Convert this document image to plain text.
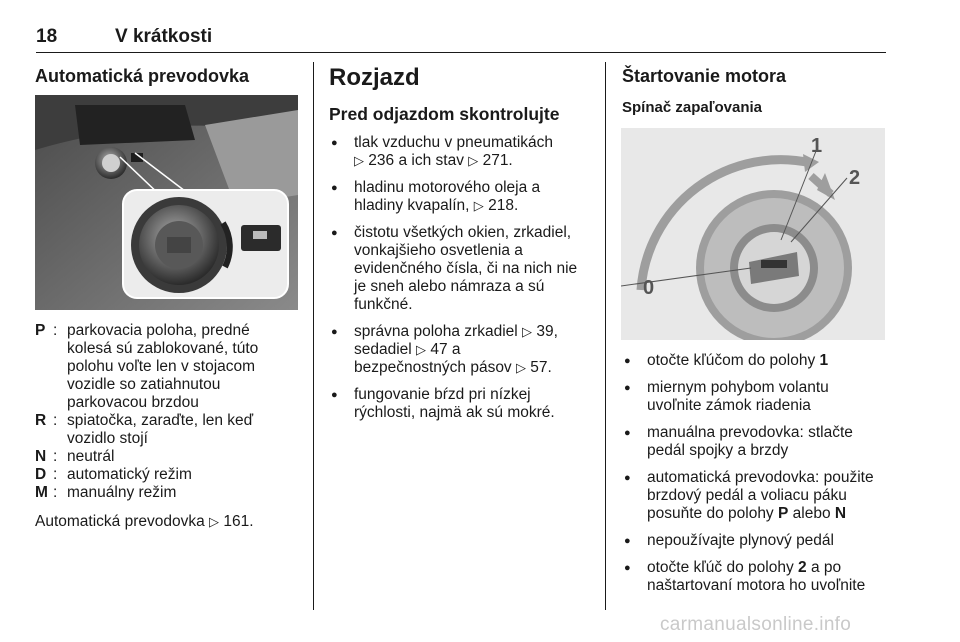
18	V krátkosti
Automatická prevodovka
P : parkovacia poloha, predné
kolesá sú zablokované, túto
polohu voľte len v stojacom
vozidle so zatiahnutou
parkovacou brzdou
R : spiatočka, zaraďte, len keď
vozidlo stojí
N : neutrál
D : automatický režim
M : manuálny režim
Automatická prevodovka ▷ 161.
Rozjazd
Pred odjazdom skontrolujte
● tlak vzduchu v pneumatikách
▷ 236 a ich stav ▷ 271.
● hladinu motorového oleja a
hladiny kvapalín, ▷ 218.
● čistotu všetkých okien, zrkadiel,
vonkajšieho osvetlenia a
evidenčného čísla, či na nich nie
je sneh alebo námraza a sú
funkčné.
● správna poloha zrkadiel ▷ 39,
sedadiel ▷ 47 a
bezpečnostných pásov ▷ 57.
● fungovanie bŕzd pri nízkej
rýchlosti, najmä ak sú mokré.
Štartovanie motora
Spínač zapaľovania
0
1
2
● otočte kľúčom do polohy 1
● miernym pohybom volantu
uvoľnite zámok riadenia
● manuálna prevodovka: stlačte
pedál spojky a brzdy
● automatická prevodovka: použite
brzdový pedál a voliacu páku
posuňte do polohy P alebo N
● nepoužívajte plynový pedál
● otočte kľúč do polohy 2 a po
naštartovaní motora ho uvoľnite
carmanualsonline.info
